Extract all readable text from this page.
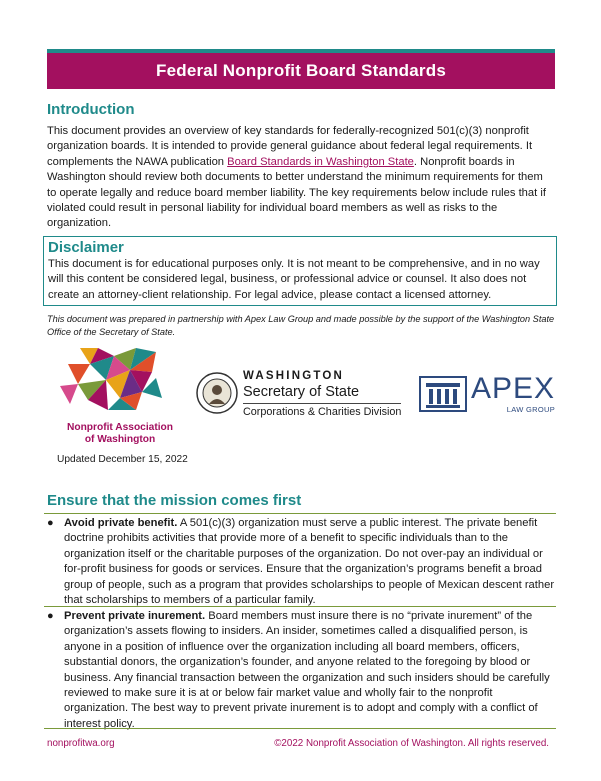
Federal Nonprofit Board Standards
Introduction
This document provides an overview of key standards for federally-recognized 501(c)(3) nonprofit organization boards. It is intended to provide general guidance about federal legal requirements. It complements the NAWA publication Board Standards in Washington State. Nonprofit boards in Washington should review both documents to better understand the minimum requirements for them to operate legally and reduce board member liability. The key requirements below include rules that if violated could result in personal liability for individual board members as well as risks to the organization.
Disclaimer
This document is for educational purposes only. It is not meant to be comprehensive, and in no way will this content be considered legal, business, or professional advice or counsel. It also does not create an attorney-client relationship. For legal advice, please contact a licensed attorney.
This document was prepared in partnership with Apex Law Group and made possible by the support of the Washington State Office of the Secretary of State.
Nonprofit Association
of Washington
Updated December 15, 2022
WASHINGTON
Secretary of State
Corporations & Charities Division
APEX
LAW GROUP
Ensure that the mission comes first
● Avoid private benefit. A 501(c)(3) organization must serve a public interest. The private benefit doctrine prohibits activities that provide more of a benefit to specific individuals than to the organization itself or the charitable purposes of the organization. Do not over-pay an individual or for-profit business for goods or services. Ensure that the organization’s programs benefit a broad group of people, such as a program that provides scholarships to people of Mexican descent rather that scholarships to members of a particular family.
● Prevent private inurement. Board members must insure there is no “private inurement” of the organization’s assets flowing to insiders. An insider, sometimes called a disqualified person, is anyone in a position of influence over the organization including all board members, officers, substantial donors, the organization’s founder, and anyone related to the foregoing by blood or business. Any financial transaction between the organization and such insiders should be carefully reviewed to make sure it is at or below fair market value and wholly fair to the nonprofit organization. The best way to prevent private inurement is to adopt and comply with a conflict of interest policy.
nonprofitwa.org	©2022 Nonprofit Association of Washington. All rights reserved.
